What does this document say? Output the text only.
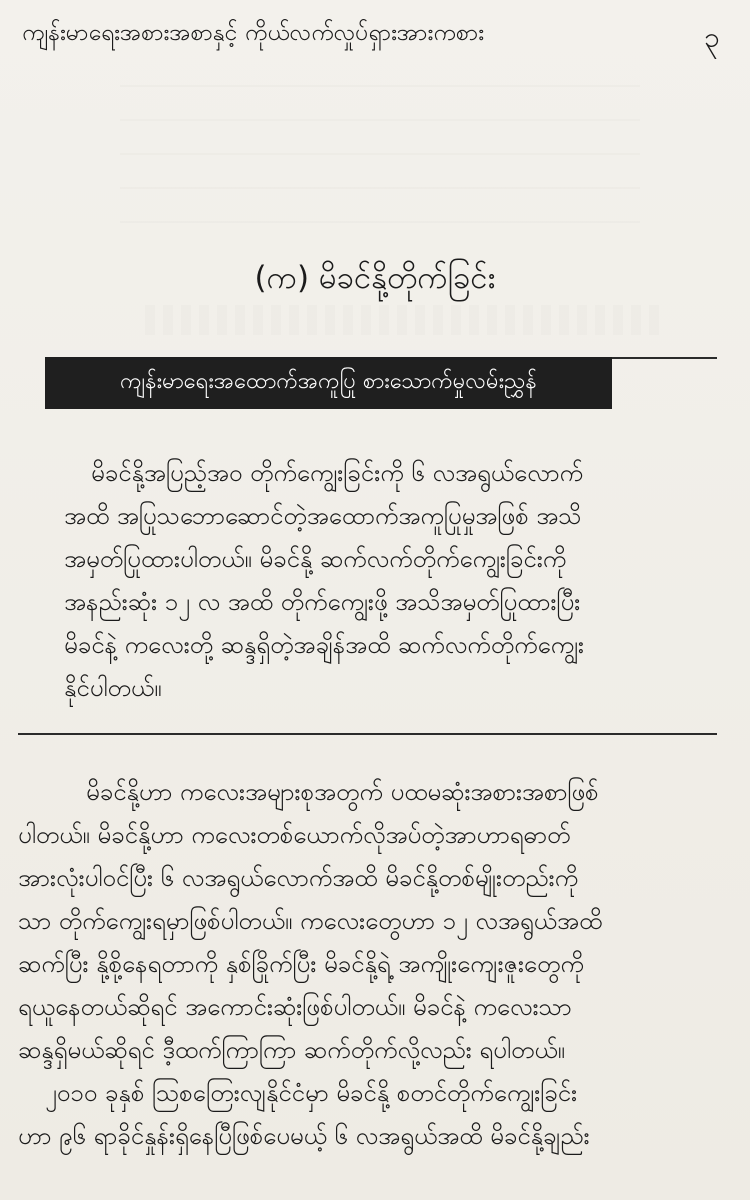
ကျန်းမာရေးအစားအစာနှင့် ကိုယ်လက်လှုပ်ရှားအားကစား	၃
(က) မိခင်နို့တိုက်ခြင်း
ကျန်းမာရေးအထောက်အကူပြု စားသောက်မှုလမ်းညွှန်
မိခင်နို့အပြည့်အဝ တိုက်ကျွေးခြင်းကို ၆ လအရွယ်လောက်
အထိ အပြုသဘောဆောင်တဲ့အထောက်အကူပြုမှုအဖြစ် အသိ
အမှတ်ပြုထားပါတယ်။ မိခင်နို့ ဆက်လက်တိုက်ကျွေးခြင်းကို
အနည်းဆုံး ၁၂ လ အထိ တိုက်ကျွေးဖို့ အသိအမှတ်ပြုထားပြီး
မိခင်နဲ့ ကလေးတို့ ဆန္ဒရှိတဲ့အချိန်အထိ ဆက်လက်တိုက်ကျွေး
နိုင်ပါတယ်။
မိခင်နို့ဟာ ကလေးအများစုအတွက် ပထမဆုံးအစားအစာဖြစ်
ပါတယ်။ မိခင်နို့ဟာ ကလေးတစ်ယောက်လိုအပ်တဲ့အာဟာရဓာတ်
အားလုံးပါဝင်ပြီး ၆ လအရွယ်လောက်အထိ မိခင်နို့တစ်မျိုးတည်းကို
သာ တိုက်ကျွေးရမှာဖြစ်ပါတယ်။ ကလေးတွေဟာ ၁၂ လအရွယ်အထိ
ဆက်ပြီး နို့စို့နေရတာကို နှစ်ခြိုက်ပြီး မိခင်နို့ရဲ့ အကျိုးကျေးဇူးတွေကို
ရယူနေတယ်ဆိုရင် အကောင်းဆုံးဖြစ်ပါတယ်။ မိခင်နဲ့ ကလေးသာ
ဆန္ဒရှိမယ်ဆိုရင် ဒီ့ထက်ကြာကြာ ဆက်တိုက်လို့လည်း ရပါတယ်။
၂၀၁၀ ခုနှစ် ဩစတြေးလျနိုင်ငံမှာ မိခင်နို့ စတင်တိုက်ကျွေးခြင်း
ဟာ ၉၆ ရာခိုင်နှုန်းရှိနေပြီဖြစ်ပေမယ့် ၆ လအရွယ်အထိ မိခင်နို့ချည်း
